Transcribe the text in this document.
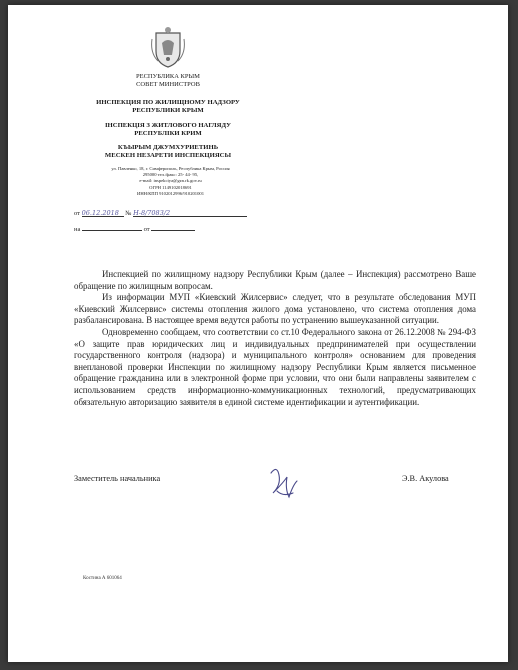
РЕСПУБЛИКА КРЫМ
СОВЕТ МИНИСТРОВ
ИНСПЕКЦИЯ ПО ЖИЛИЩНОМУ НАДЗОРУ
РЕСПУБЛИКИ КРЫМ
ІНСПЕКЦІЯ З ЖИТЛОВОГО НАГЛЯДУ
РЕСПУБЛІКИ КРИМ
КЪЫРЫМ ДЖУМХУРИЕТИНЬ
МЕСКЕН НЕЗАРЕТИ ИНСПЕКЦИЯСЫ
ул. Павленко, 18, г. Симферополь, Республика Крым, Россия
295000 тел./факс: 25- 44- 95,
e-mail: inspekciya@gzn.rk.gov.ru
ОГРН 1149102018691
ИНН/КПП 9102012996/910201001
от 06.12.2018 № Н-8/7083/2
на	от

Инспекцией по жилищному надзору Республики Крым (далее – Инспекция) рассмотрено Ваше обращение по жилищным вопросам.

Из информации МУП «Киевский Жилсервис» следует, что в результате обследования МУП «Киевский Жилсервис» системы отопления жилого дома установлено, что система отопления дома разбалансирована. В настоящее время ведутся работы по устранению вышеуказанной ситуации.

Одновременно сообщаем, что соответствии со ст.10 Федерального закона от 26.12.2008 № 294-ФЗ «О защите прав юридических лиц и индивидуальных предпринимателей при осуществлении государственного контроля (надзора) и муниципального контроля» основанием для проведения внеплановой проверки Инспекции по жилищному надзору Республики Крым является письменное обращение гражданина или в электронной форме при условии, что они были направлены заявителем с использованием средств информационно-коммуникационных технологий, предусматривающих обязательную авторизацию заявителя в единой системе идентификации и аутентификации.

Заместитель начальника	Э.В. Акулова
Костина А 601064
